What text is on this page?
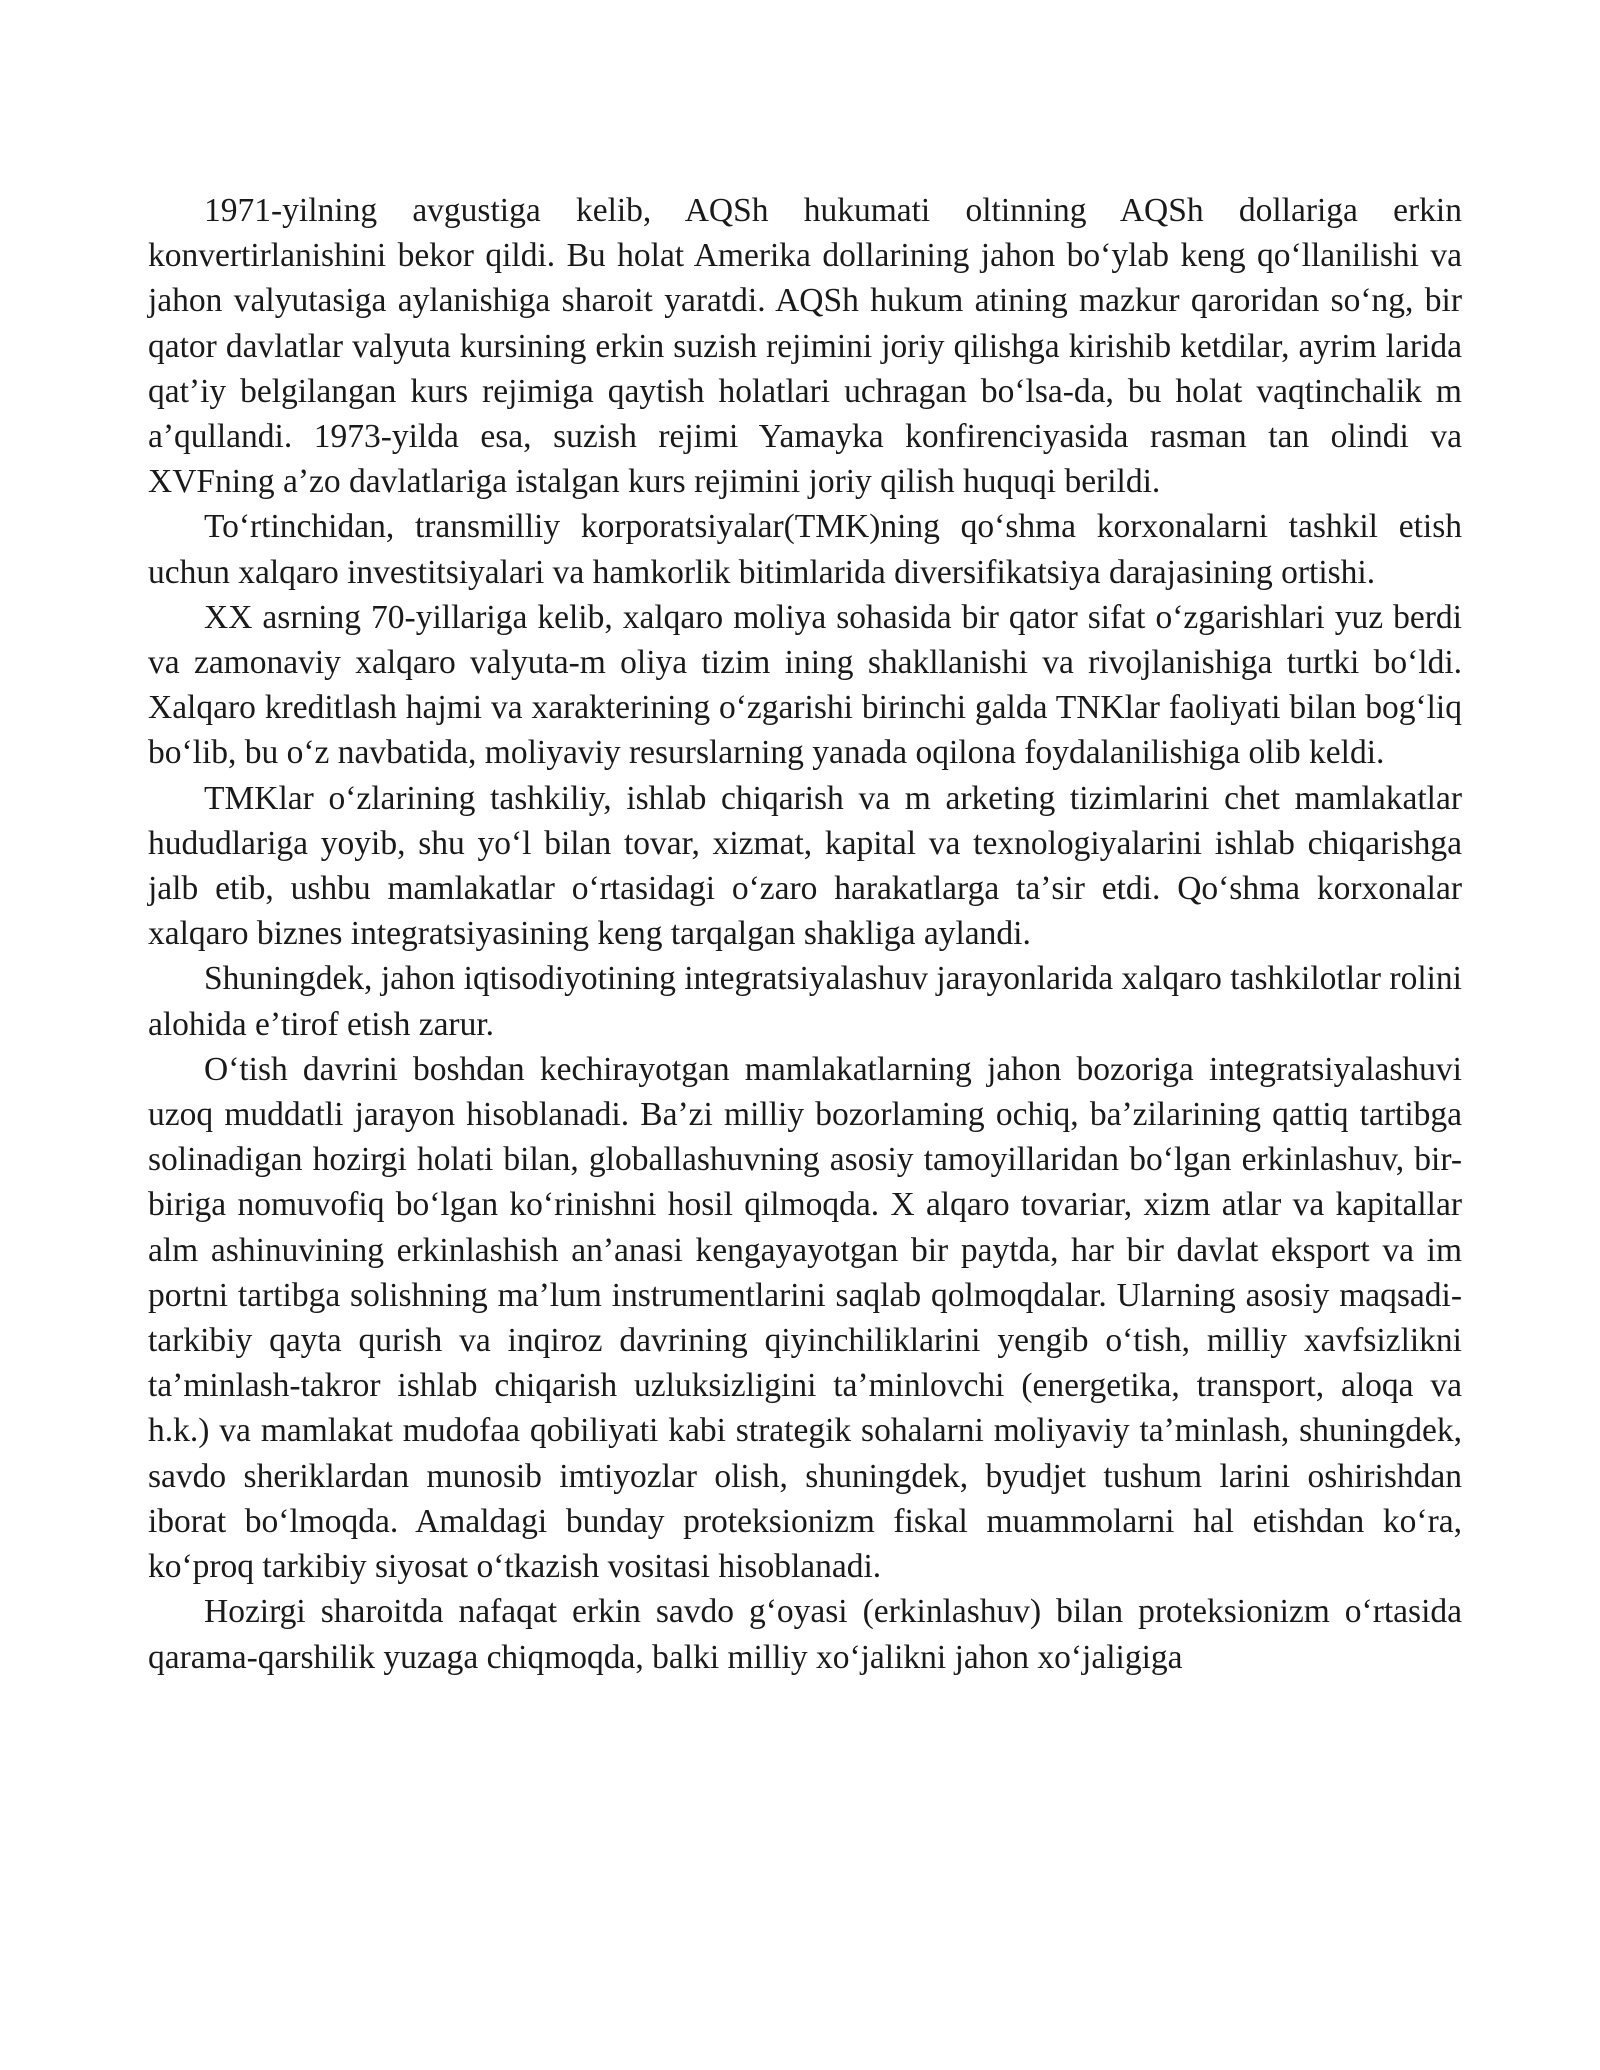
1971-yilning avgustiga kelib, AQSh hukumati oltinning AQSh dollariga erkin konvertirlanishini bekor qildi. Bu holat Amerika dollarining jahon boʻylab keng qoʻllanilishi va jahon valyutasiga aylanishiga sharoit yaratdi. AQSh hukum atining mazkur qaroridan soʻng, bir qator davlatlar valyuta kursining erkin suzish rejimini joriy qilishga kirishib ketdilar, ayrim larida qatʼiy belgilangan kurs rejimiga qaytish holatlari uchragan boʻlsa-da, bu holat vaqtinchalik m aʼqullandi. 1973-yilda esa, suzish rejimi Yamayka konfirenciyasida rasman tan olindi va XVFning aʼzo davlatlariga istalgan kurs rejimini joriy qilish huquqi berildi.

Toʻrtinchidan, transmilliy korporatsiyalar(TMK)ning qoʻshma korxonalarni tashkil etish uchun xalqaro investitsiyalari va hamkorlik bitimlarida diversifikatsiya darajasining ortishi.

XX asrning 70-yillariga kelib, xalqaro moliya sohasida bir qator sifat oʻzgarishlari yuz berdi va zamonaviy xalqaro valyuta-m oliya tizim ining shakllanishi va rivojlanishiga turtki boʻldi. Xalqaro kreditlash hajmi va xarakterining oʻzgarishi birinchi galda TNKlar faoliyati bilan bogʻliq boʻlib, bu oʻz navbatida, moliyaviy resurslarning yanada oqilona foydalanilishiga olib keldi.

TMKlar oʻzlarining tashkiliy, ishlab chiqarish va m arketing tizimlarini chet mamlakatlar hududlariga yoyib, shu yoʻl bilan tovar, xizmat, kapital va texnologiyalarini ishlab chiqarishga jalb etib, ushbu mamlakatlar oʻrtasidagi oʻzaro harakatlarga taʼsir etdi. Qoʻshma korxonalar xalqaro biznes integratsiyasining keng tarqalgan shakliga aylandi.

Shuningdek, jahon iqtisodiyotining integratsiyalashuv jarayonlarida xalqaro tashkilotlar rolini alohida eʼtirof etish zarur.

Oʻtish davrini boshdan kechirayotgan mamlakatlarning jahon bozoriga integratsiyalashuvi uzoq muddatli jarayon hisoblanadi. Baʼzi milliy bozorlaming ochiq, baʼzilarining qattiq tartibga solinadigan hozirgi holati bilan, globallashuvning asosiy tamoyillaridan boʻlgan erkinlashuv, bir-biriga nomuvofiq boʻlgan koʻrinishni hosil qilmoqda. X alqaro tovariar, xizm atlar va kapitallar alm ashinuvining erkinlashish anʼanasi kengayayotgan bir paytda, har bir davlat eksport va im portni tartibga solishning maʼlum instrumentlarini saqlab qolmoqdalar. Ularning asosiy maqsadi-tarkibiy qayta qurish va inqiroz davrining qiyinchiliklarini yengib oʻtish, milliy xavfsizlikni taʼminlash-takror ishlab chiqarish uzluksizligini taʼminlovchi (energetika, transport, aloqa va h.k.) va mamlakat mudofaa qobiliyati kabi strategik sohalarni moliyaviy taʼminlash, shuningdek, savdo sheriklardan munosib imtiyozlar olish, shuningdek, byudjet tushum larini oshirishdan iborat boʻlmoqda. Amaldagi bunday proteksionizm fiskal muammolarni hal etishdan koʻra, koʻproq tarkibiy siyosat oʻtkazish vositasi hisoblanadi.

Hozirgi sharoitda nafaqat erkin savdo gʻoyasi (erkinlashuv) bilan proteksionizm oʻrtasida qarama-qarshilik yuzaga chiqmoqda, balki milliy xoʻjalikni jahon xoʻjaligiga
